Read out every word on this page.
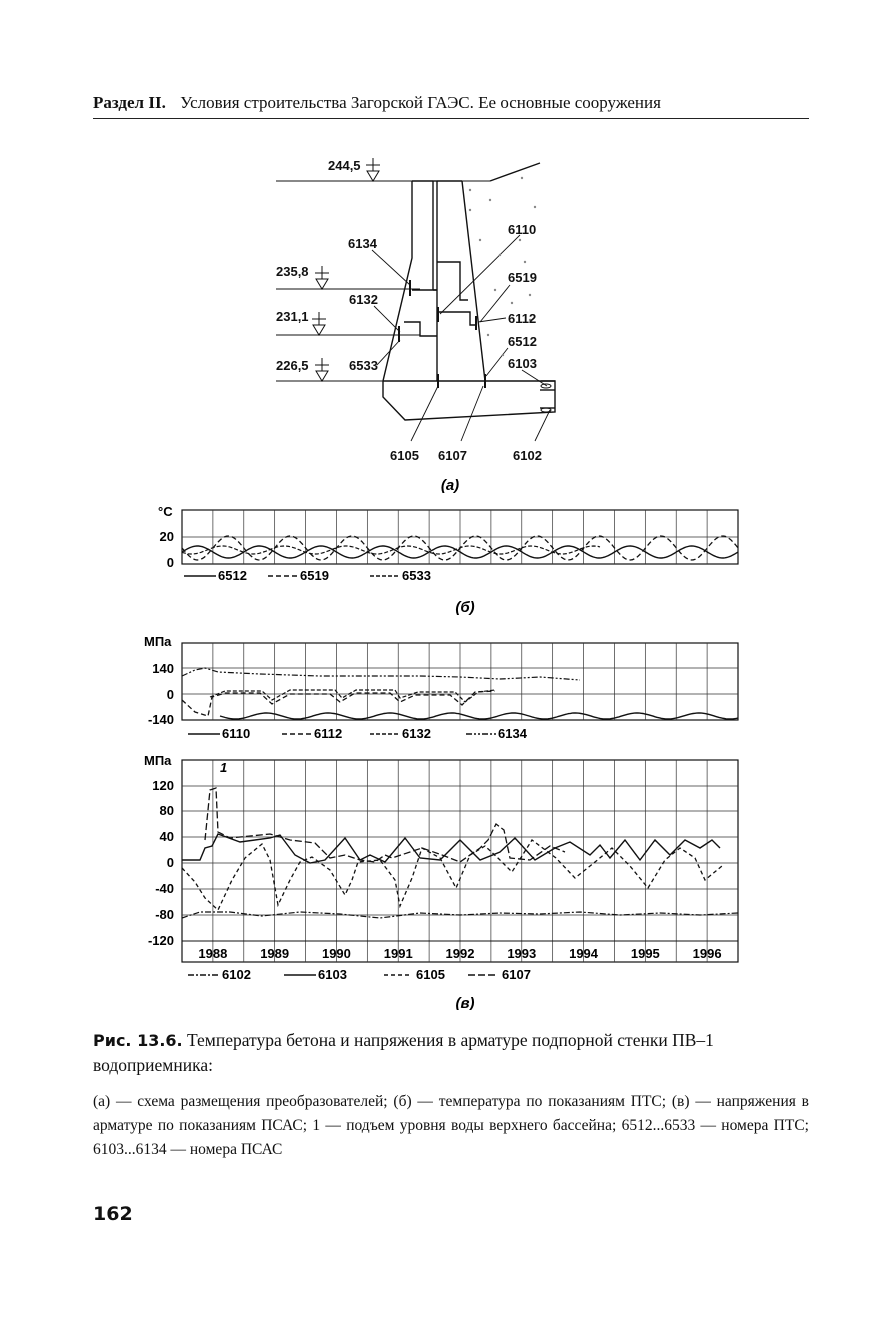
Раздел II. Условия строительства Загорской ГАЭС. Ее основные сооружения
244,5
235,8
231,1
226,5
6134
6132
6533
6110
6519
6112
6512
6103
6105 6107	6102
(а)
°C
20
0
6512	6519	6533
(б)
МПа
140
0
-140
6110	6112	6132	6134
МПа
120
80
40
0
-40
-80
-120
1988	1989	1990	1991	1992	1993	1994	1995	1996
1
6102	6103	6105	6107
(в)
Рис. 13.6. Температура бетона и напряжения в арматуре подпорной стенки ПВ–1 водоприемника:
(а) — схема размещения преобразователей; (б) — температура по показаниям ПТС; (в) — напряжения в арматуре по показаниям ПСАС; 1 — подъем уровня воды верхнего бассейна; 6512...6533 — номера ПТС; 6103...6134 — номера ПСАС
162
